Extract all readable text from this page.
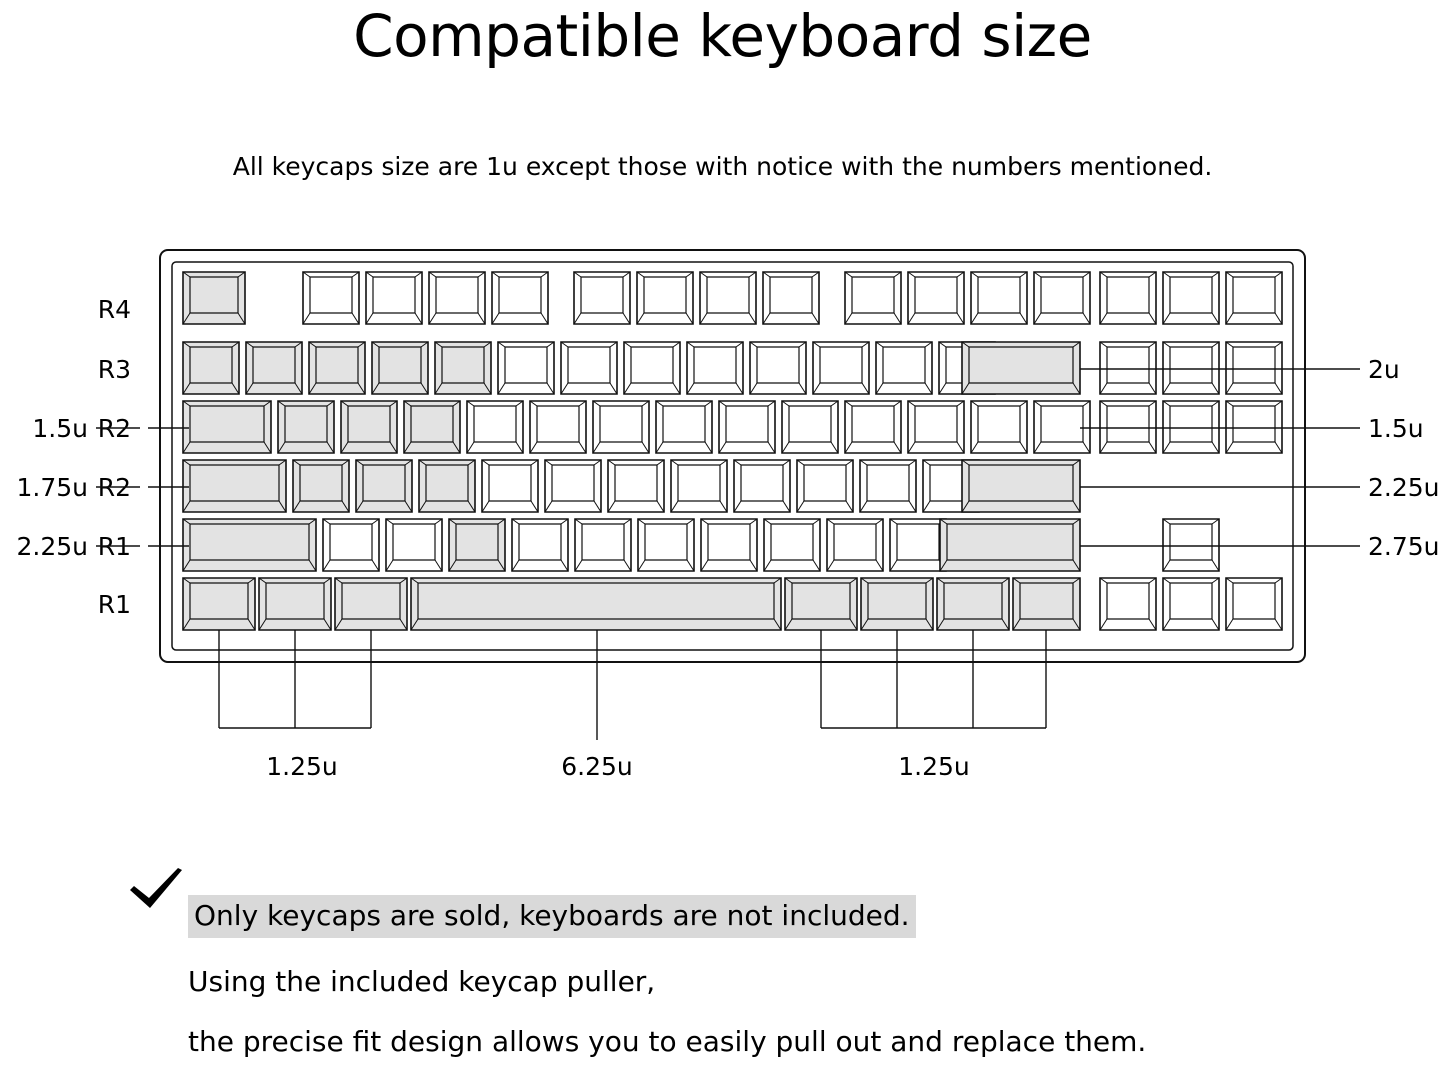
Compatible keyboard size
All keycaps size are 1u except those with notice with the numbers mentioned.
R4
R3
R2
R2
R1
R1
1.5u
1.75u
2.25u
2u
1.5u
2.25u
2.75u
1.25u	6.25u	1.25u
Only keycaps are sold, keyboards are not included.
Using the included keycap puller,
the precise fit design allows you to easily pull out and replace them.
